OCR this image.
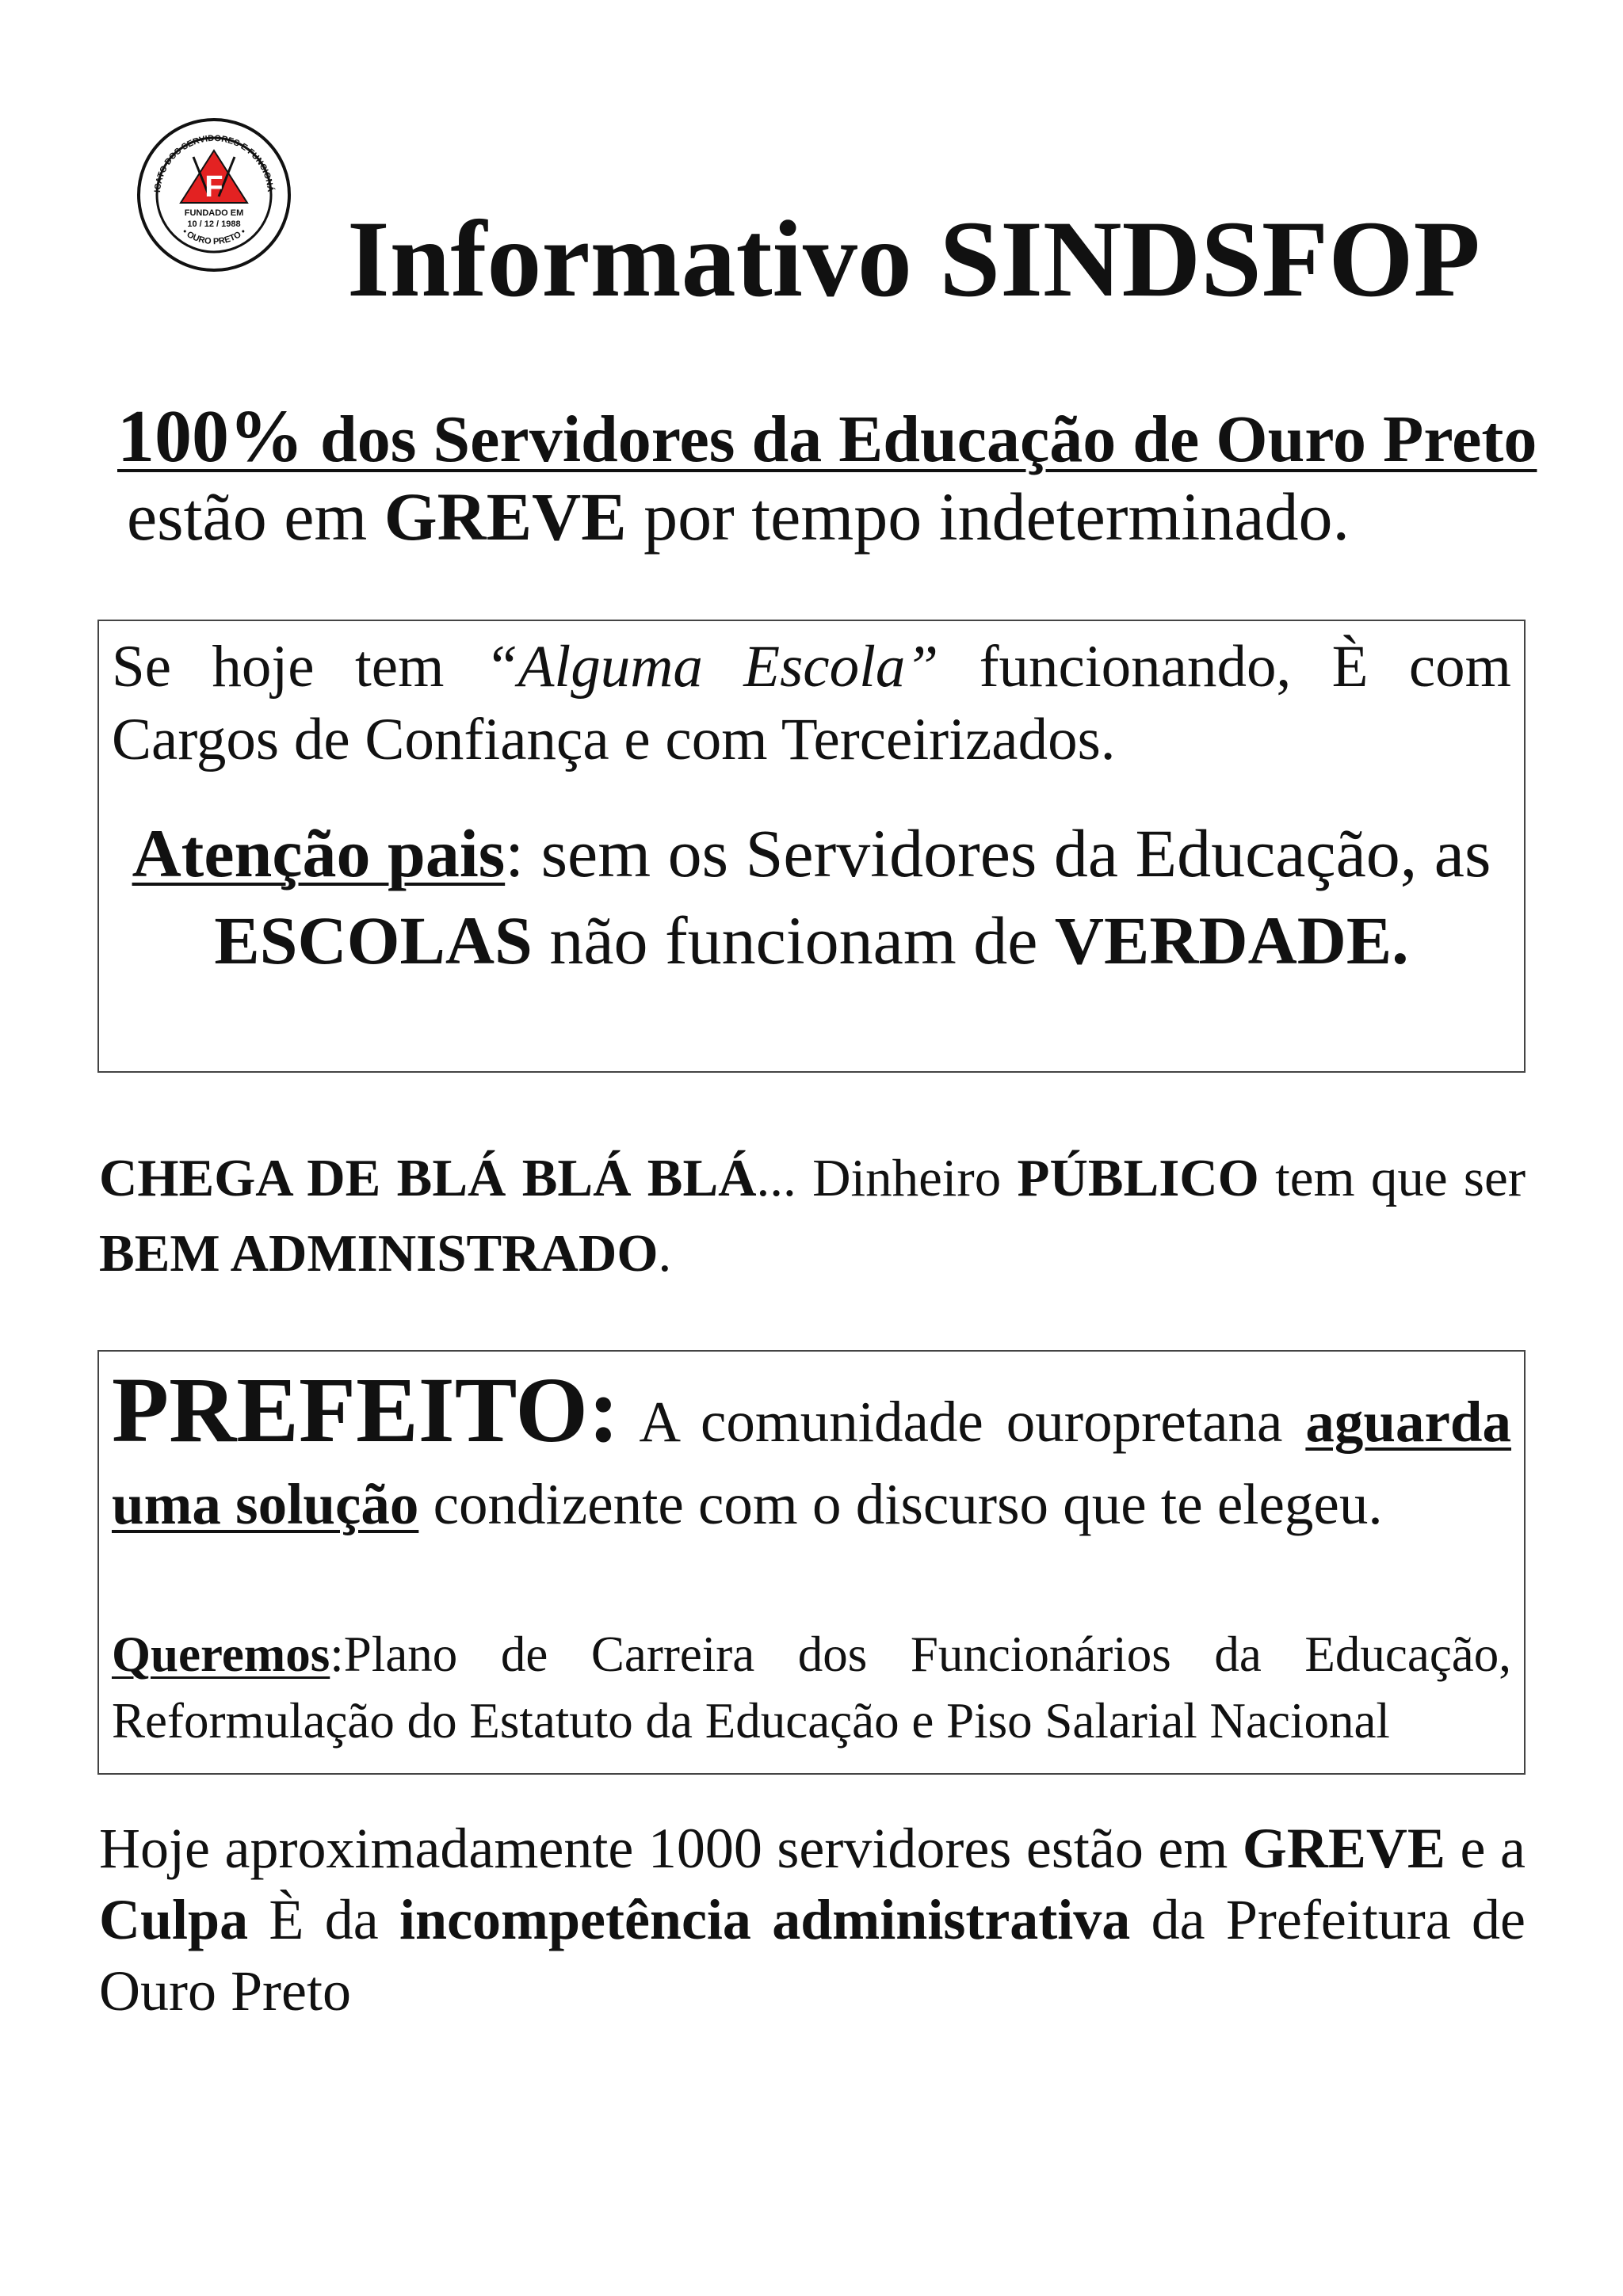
ICATO DOS SERVIDORES E FUNCIONÁ
• OURO PRETO •
F
FUNDADO EM
10 / 12 / 1988 Informativo SINDSFOP
100% dos Servidores da Educação de Ouro Preto
estão em GREVE por tempo indeterminado.
Se hoje tem “Alguma Escola” funcionando, È com Cargos de Confiança e com Terceirizados.
Atenção pais: sem os Servidores da Educação, as ESCOLAS não funcionam de VERDADE.
CHEGA DE BLÁ BLÁ BLÁ... Dinheiro PÚBLICO tem que ser BEM ADMINISTRADO.
PREFEITO: A comunidade ouropretana aguarda uma solução condizente com o discurso que te elegeu.
Queremos:Plano de Carreira dos Funcionários da Educação, Reformulação do Estatuto da Educação e Piso Salarial Nacional
Hoje aproximadamente 1000 servidores estão em GREVE e a Culpa È da incompetência administrativa da Prefeitura de Ouro Preto
